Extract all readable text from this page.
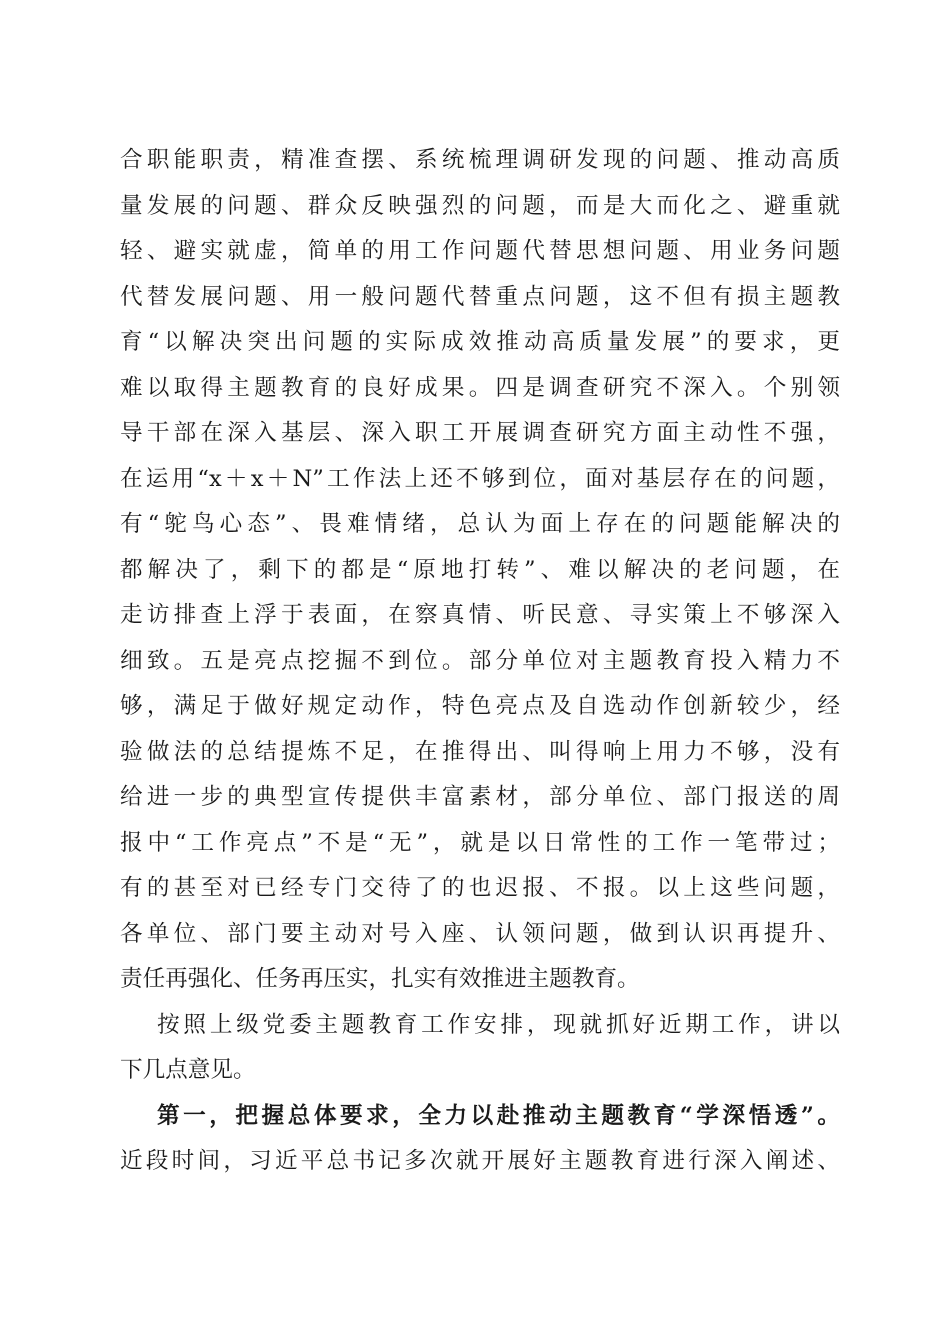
合职能职责，精准查摆、系统梳理调研发现的问题、推动高质
量发展的问题、群众反映强烈的问题，而是大而化之、避重就
轻、避实就虚，简单的用工作问题代替思想问题、用业务问题
代替发展问题、用一般问题代替重点问题，这不但有损主题教
育“以解决突出问题的实际成效推动高质量发展”的要求，更
难以取得主题教育的良好成果。四是调查研究不深入。个别领
导干部在深入基层、深入职工开展调查研究方面主动性不强，
在运用“x＋x＋N”工作法上还不够到位，面对基层存在的问题，
有“鸵鸟心态”、畏难情绪，总认为面上存在的问题能解决的
都解决了，剩下的都是“原地打转”、难以解决的老问题，在
走访排查上浮于表面，在察真情、听民意、寻实策上不够深入
细致。五是亮点挖掘不到位。部分单位对主题教育投入精力不
够，满足于做好规定动作，特色亮点及自选动作创新较少，经
验做法的总结提炼不足，在推得出、叫得响上用力不够，没有
给进一步的典型宣传提供丰富素材，部分单位、部门报送的周
报中“工作亮点”不是“无”，就是以日常性的工作一笔带过；
有的甚至对已经专门交待了的也迟报、不报。以上这些问题，
各单位、部门要主动对号入座、认领问题，做到认识再提升、
责任再强化、任务再压实，扎实有效推进主题教育。
按照上级党委主题教育工作安排，现就抓好近期工作，讲以
下几点意见。
第一，把握总体要求，全力以赴推动主题教育“学深悟透”。
近段时间，习近平总书记多次就开展好主题教育进行深入阐述、
